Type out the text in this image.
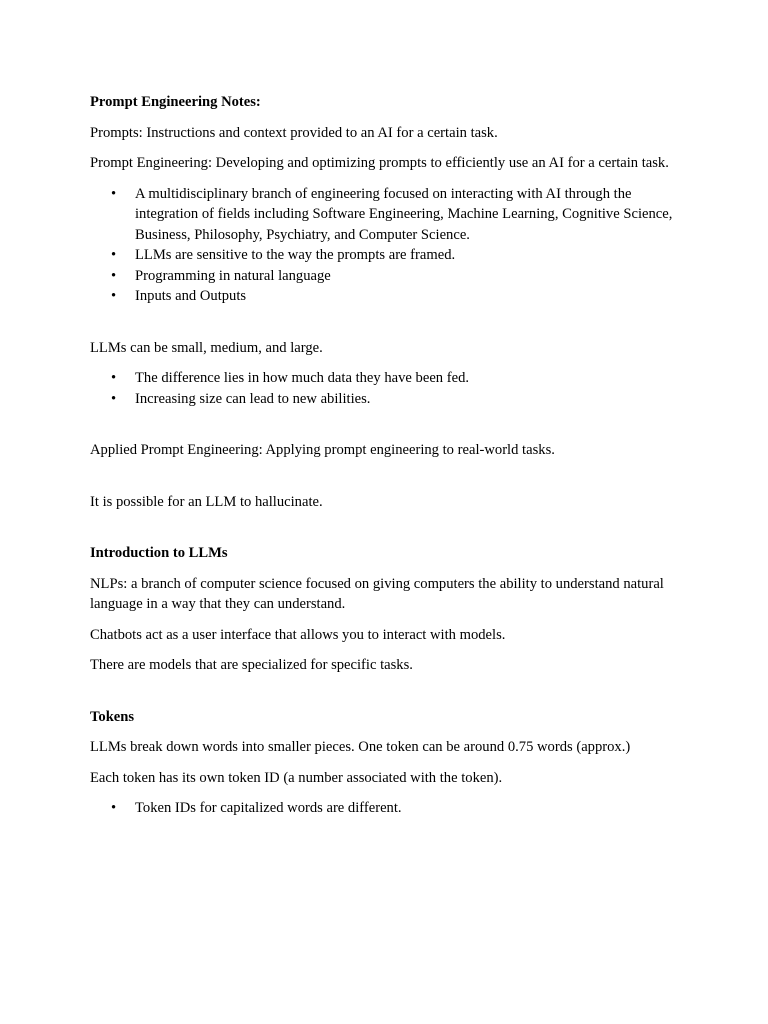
Prompt Engineering Notes:

Prompts: Instructions and context provided to an AI for a certain task.

Prompt Engineering: Developing and optimizing prompts to efficiently use an AI for a certain task.

• A multidisciplinary branch of engineering focused on interacting with AI through the integration of fields including Software Engineering, Machine Learning, Cognitive Science, Business, Philosophy, Psychiatry, and Computer Science.
• LLMs are sensitive to the way the prompts are framed.
• Programming in natural language
• Inputs and Outputs

LLMs can be small, medium, and large.

• The difference lies in how much data they have been fed.
• Increasing size can lead to new abilities.

Applied Prompt Engineering: Applying prompt engineering to real-world tasks.

It is possible for an LLM to hallucinate.

Introduction to LLMs

NLPs: a branch of computer science focused on giving computers the ability to understand natural language in a way that they can understand.

Chatbots act as a user interface that allows you to interact with models.

There are models that are specialized for specific tasks.

Tokens

LLMs break down words into smaller pieces. One token can be around 0.75 words (approx.)

Each token has its own token ID (a number associated with the token).

• Token IDs for capitalized words are different.
